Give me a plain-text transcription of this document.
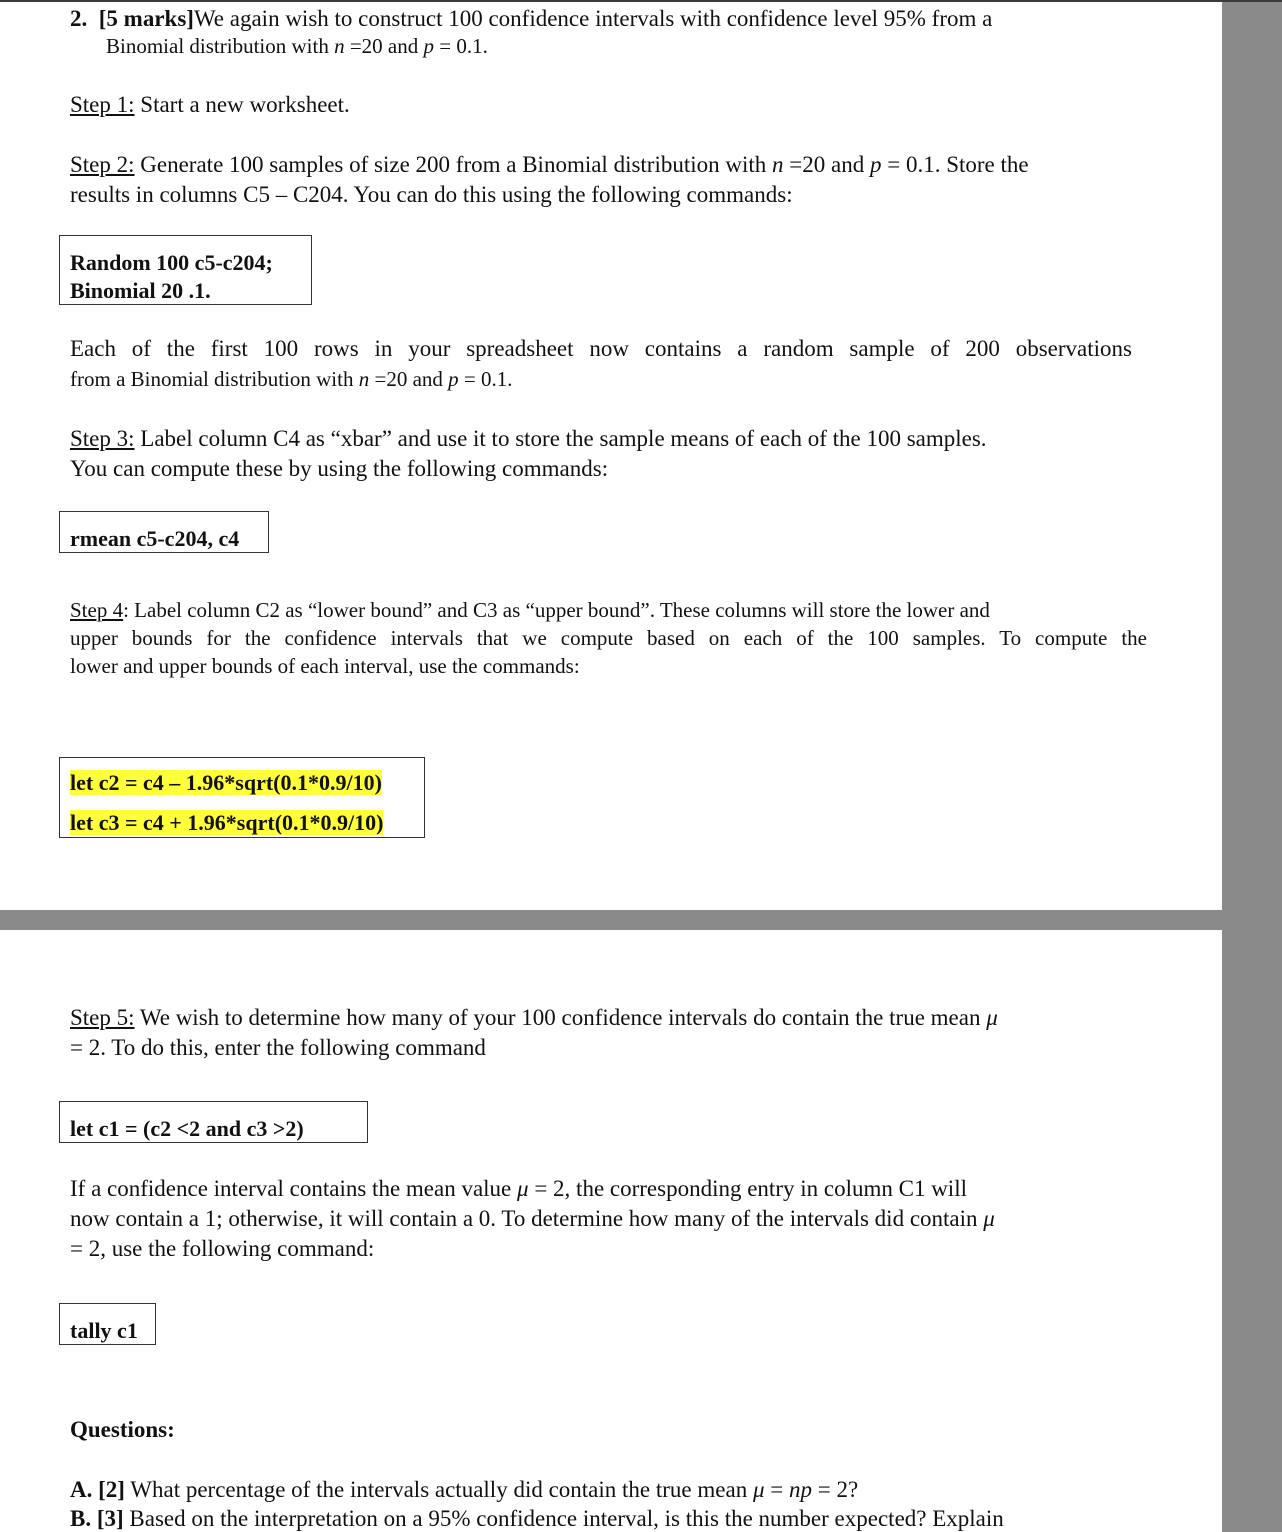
2. [5 marks]We again wish to construct 100 confidence intervals with confidence level 95% from a
Binomial distribution with n =20 and p = 0.1.
Step 1: Start a new worksheet.
Step 2: Generate 100 samples of size 200 from a Binomial distribution with n =20 and p = 0.1. Store the
results in columns C5 – C204. You can do this using the following commands:
Random 100 c5-c204;
Binomial 20 .1.
Each of the first 100 rows in your spreadsheet now contains a random sample of 200 observations
from a Binomial distribution with n =20 and p = 0.1.
Step 3: Label column C4 as “xbar” and use it to store the sample means of each of the 100 samples.
You can compute these by using the following commands:
rmean c5-c204, c4
Step 4: Label column C2 as “lower bound” and C3 as “upper bound”. These columns will store the lower and
upper bounds for the confidence intervals that we compute based on each of the 100 samples. To compute the
lower and upper bounds of each interval, use the commands:
let c2 = c4 – 1.96*sqrt(0.1*0.9/10)
let c3 = c4 + 1.96*sqrt(0.1*0.9/10)
Step 5: We wish to determine how many of your 100 confidence intervals do contain the true mean μ
= 2. To do this, enter the following command
let c1 = (c2 <2 and c3 >2)
If a confidence interval contains the mean value μ = 2, the corresponding entry in column C1 will
now contain a 1; otherwise, it will contain a 0. To determine how many of the intervals did contain μ
= 2, use the following command:
tally c1
Questions:
A. [2] What percentage of the intervals actually did contain the true mean μ = np = 2?
B. [3] Based on the interpretation on a 95% confidence interval, is this the number expected? Explain
